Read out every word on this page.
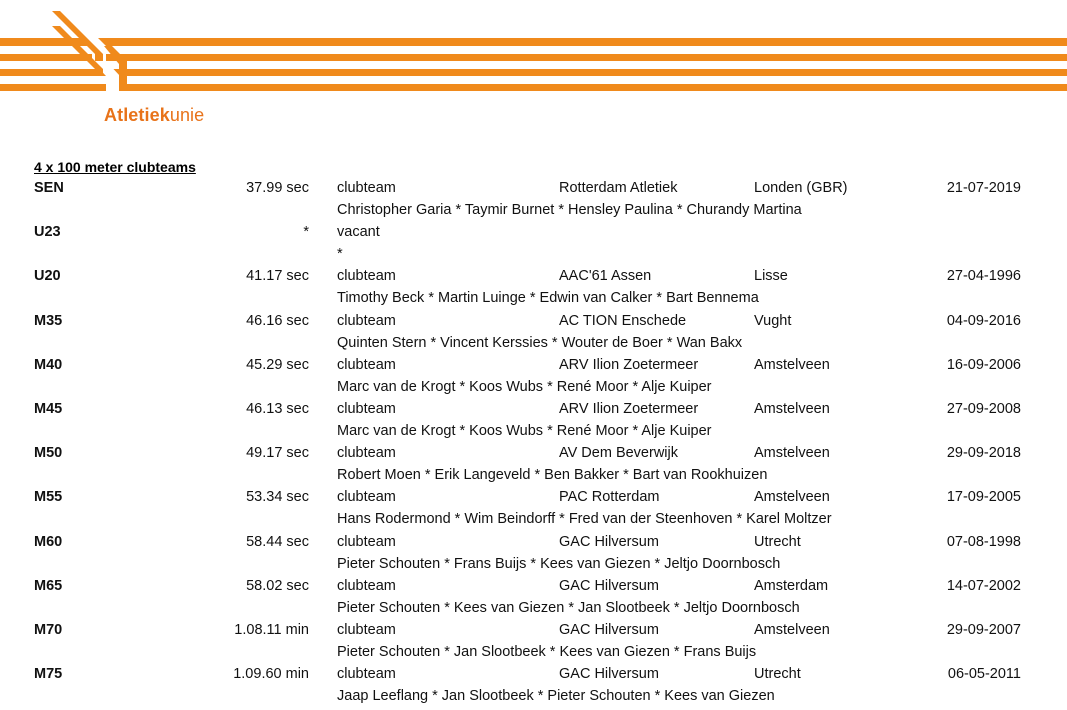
Atletiekunie
4 x 100 meter clubteams
SEN	37.99 sec clubteam	Rotterdam Atletiek	Londen (GBR)	21-07-2019
Christopher Garia * Taymir Burnet * Hensley Paulina * Churandy Martina
U23	* vacant
*
U20	41.17 sec clubteam	AAC'61 Assen	Lisse	27-04-1996
Timothy Beck * Martin Luinge * Edwin van Calker * Bart Bennema
M35	46.16 sec clubteam	AC TION Enschede	Vught	04-09-2016
Quinten Stern * Vincent Kerssies * Wouter de Boer * Wan Bakx
M40	45.29 sec clubteam	ARV Ilion Zoetermeer	Amstelveen	16-09-2006
Marc van de Krogt * Koos Wubs * René Moor * Alje Kuiper
M45	46.13 sec clubteam	ARV Ilion Zoetermeer	Amstelveen	27-09-2008
Marc van de Krogt * Koos Wubs * René Moor * Alje Kuiper
M50	49.17 sec clubteam	AV Dem Beverwijk	Amstelveen	29-09-2018
Robert Moen * Erik Langeveld * Ben Bakker * Bart van Rookhuizen
M55	53.34 sec clubteam	PAC Rotterdam	Amstelveen	17-09-2005
Hans Rodermond * Wim Beindorff * Fred van der Steenhoven * Karel Moltzer
M60	58.44 sec clubteam	GAC Hilversum	Utrecht	07-08-1998
Pieter Schouten * Frans Buijs * Kees van Giezen * Jeltjo Doornbosch
M65	58.02 sec clubteam	GAC Hilversum	Amsterdam	14-07-2002
Pieter Schouten * Kees van Giezen * Jan Slootbeek * Jeltjo Doornbosch
M70	1.08.11 min clubteam	GAC Hilversum	Amstelveen	29-09-2007
Pieter Schouten * Jan Slootbeek * Kees van Giezen * Frans Buijs
M75	1.09.60 min clubteam	GAC Hilversum	Utrecht	06-05-2011
Jaap Leeflang * Jan Slootbeek * Pieter Schouten * Kees van Giezen
